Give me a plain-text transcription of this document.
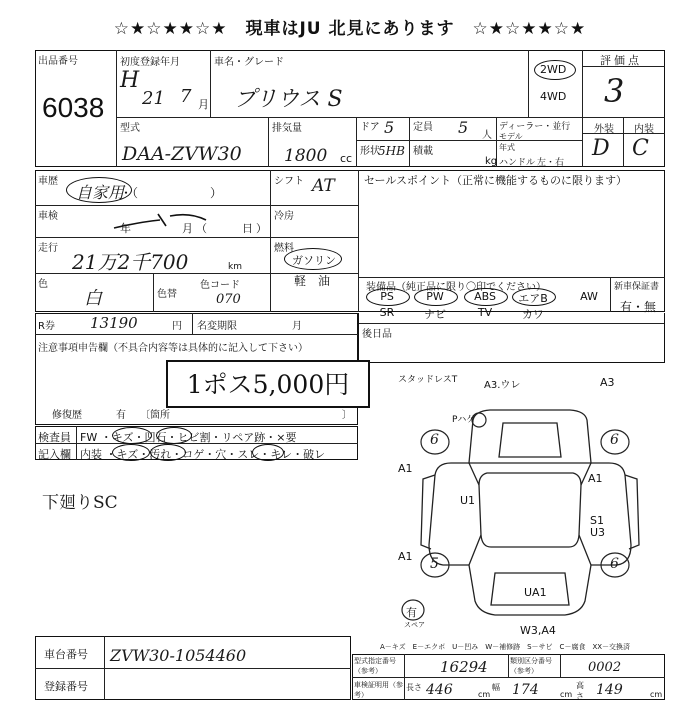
☆★☆★★☆★　現車はJU 北見にあります　☆★☆★★☆★
出品番号
6038
初度登録年月
H
21 7 月
車名・グレード
プリウス S
2WD
4WD
評価点
3
型式
DAA-ZVW30
排気量
1800 cc
ドア 5 定員 5 人
ディーラー・並行
モデル年式
形状
5HB 積載
kg ハンドル 左・右
外装 内装
D C
車歴
自家用
・（　　　　　　）
シフト AT	セールスポイント（正常に機能するものに限ります）
車検
年	月 （	日 ）
冷房
走行
21万2千700	km
燃料
ガソリン
軽　油
色
白	色替
色コード
070
装備品（純正品に限り〇印でください）	新車保証書
有・無
PS	PW	ABS	エアB	AW
SR	ナビ	TV	カワ
R券 13190	円 名変期限	月
後日品
注意事項申告欄（不具合内容等は具体的に記入して下さい）
1ポス5,000円
修復歴	有 〔箇所	〕
検査員 FW ・キズ・凹石・ヒビ割・リペア跡・×要
記入欄 内装 ・キズ・汚れ・コゲ・穴・スレ・キレ・破レ
下廻りSC
スタッドレスT	A3.ウレ	A3
Pハゲ
6	6
A1
A1
U1
S1
U3
A1 5	6
UA1
有
スペア	W3,A4
A－キズ　E－エクボ　U－凹み　W－補修跡　S－サビ　C－腐食　XX－交換済
車台番号 ZVW30-1054460
登録番号
型式指定番号（参考）	16294	類別区分番号（参考）	0002
車検証明用（参考）
長さ 446	cm
幅 174	cm
高さ 149	cm
